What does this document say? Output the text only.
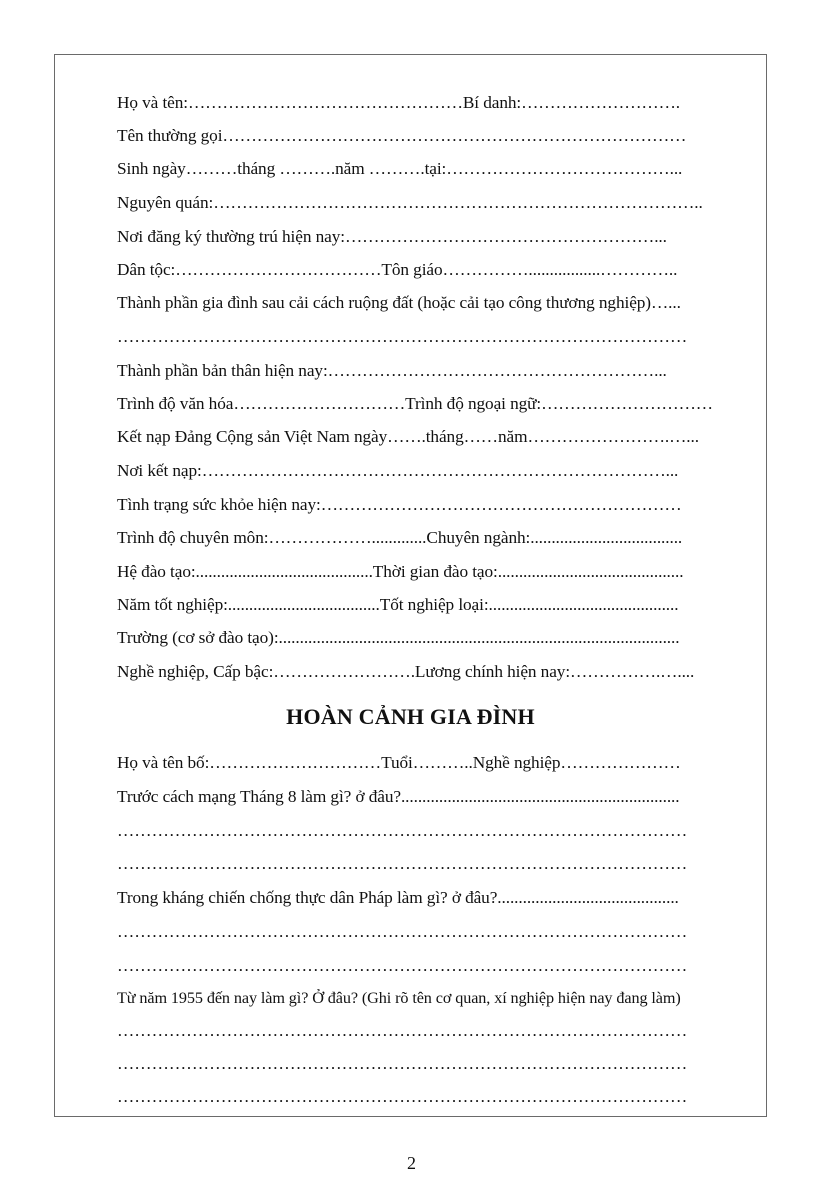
Họ và tên:…………………………………………Bí danh:……………………….
Tên thường gọi………………………………………………………………………
Sinh ngày………tháng ……….năm ……….tại:…………………………………...
Nguyên quán:…………………………………………………………………………..
Nơi đăng ký thường trú hiện nay:………………………………………………...
Dân tộc:………………………………Tôn giáo…………….................…………..
Thành phần gia đình sau cải cách ruộng đất (hoặc cải tạo công thương nghiệp)…...
………………………………………………………………………………………
Thành phần bản thân hiện nay:…………………………………………………...
Trình độ văn hóa…………………………Trình độ ngoại ngữ:…………………………
Kết nạp Đảng Cộng sản Việt Nam ngày…….tháng……năm…………………….…...
Nơi kết nạp:………………………………………………………………………...
Tình trạng sức khỏe hiện nay:………………………………………………………
Trình độ chuyên môn:……………….............Chuyên ngành:....................................
Hệ đào tạo:..........................................Thời gian đào tạo:............................................
Năm tốt nghiệp:....................................Tốt nghiệp loại:.............................................
Trường (cơ sở đào tạo):...............................................................................................
Nghề nghiệp, Cấp bậc:…………………….Lương chính hiện nay:…………….…....
HOÀN CẢNH GIA ĐÌNH
Họ và tên bố:…………………………Tuổi………..Nghề nghiệp…………………
Trước cách mạng Tháng 8 làm gì? ở đâu?..................................................................
………………………………………………………………………………………
………………………………………………………………………………………
Trong kháng chiến chống thực dân Pháp làm gì? ở đâu?...........................................
………………………………………………………………………………………
………………………………………………………………………………………
Từ năm 1955 đến nay làm gì? Ở đâu? (Ghi rõ tên cơ quan, xí nghiệp hiện nay đang làm)
………………………………………………………………………………………
………………………………………………………………………………………
………………………………………………………………………………………
2
